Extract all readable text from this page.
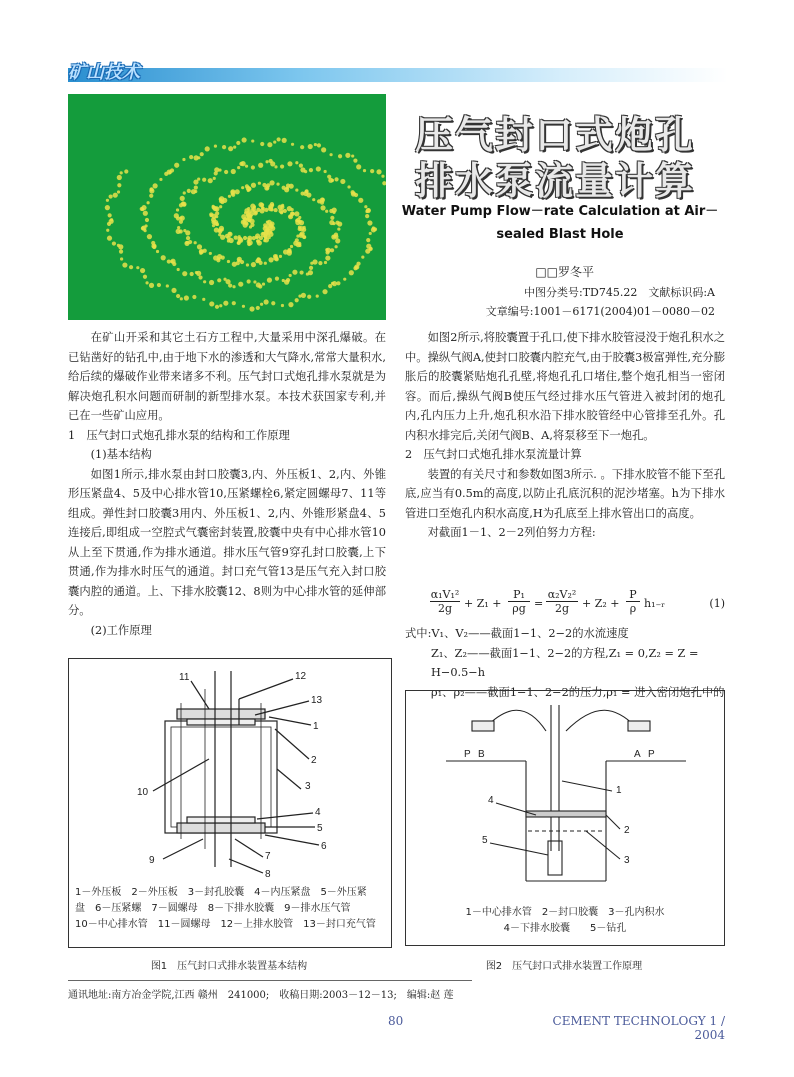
矿山技术
压气封口式炮孔
排水泵流量计算
Water Pump Flow－rate Calculation at Air－
sealed Blast Hole
□□罗冬平
中图分类号:TD745.22　文献标识码:A
文章编号:1001－6171(2004)01－0080－02
在矿山开采和其它土石方工程中,大量采用中深孔爆破。在已钻凿好的钻孔中,由于地下水的渗透和大气降水,常常大量积水,给后续的爆破作业带来诸多不利。压气封口式炮孔排水泵就是为解决炮孔积水问题而研制的新型排水泵。本技术获国家专利,并已在一些矿山应用。
1　压气封口式炮孔排水泵的结构和工作原理
(1)基本结构
如图1所示,排水泵由封口胶囊3,内、外压板1、2,内、外锥形压紧盘4、5及中心排水管10,压紧螺栓6,紧定圆螺母7、11等组成。弹性封口胶囊3用内、外压板1、2,内、外锥形紧盘4、5连接后,即组成一空腔式气囊密封装置,胶囊中央有中心排水管10从上至下贯通,作为排水通道。排水压气管9穿孔封口胶囊,上下贯通,作为排水时压气的通道。封口充气管13是压气充入封口胶囊内腔的通道。上、下排水胶囊12、8则为中心排水管的延伸部分。
(2)工作原理
如图2所示,将胶囊置于孔口,使下排水胶管浸没于炮孔积水之中。操纵气阀A,使封口胶囊内腔充气,由于胶囊3极富弹性,充分膨胀后的胶囊紧贴炮孔孔壁,将炮孔孔口堵住,整个炮孔相当一密闭容。而后,操纵气阀B使压气经过排水压气管进入被封闭的炮孔内,孔内压力上升,炮孔积水沿下排水胶管经中心管排至孔外。孔内积水排完后,关闭气阀B、A,将泵移至下一炮孔。
2　压气封口式炮孔排水泵流量计算
装置的有关尺寸和参数如图3所示. 。下排水胶管不能下至孔底,应当有0.5m的高度,以防止孔底沉积的泥沙堵塞。h为下排水管进口至炮孔内积水高度,H为孔底至上排水管出口的高度。
对截面1－1、2－2列伯努力方程:
$\frac{\text{α₁V₁²}}{2g} + Z_1 + \frac{\text{P₁}}{\rho g} = \frac{\text{α₂V₂²}}{2g} + Z_2 + \frac{P}{\rho}$ h₁₋ᵣ	(1)
式中:V₁、V₂——截面1−1、2−2的水流速度
Z₁、Z₂——截面1−1、2−2的方程,Z₁ = 0,Z₂ = Z = H−0.5−h
ρ₁、ρ₂——截面1−1、2−2的压力,ρ₁ = 进入密闭炮孔中的
11	12
13
1
2
3
4
5
6
7
8
9
10
1－外压板　2－外压板　3－封孔胶囊　4－内压紧盘　5－外压紧
盘　6－压紧螺　7－圆螺母　8－下排水胶囊　9－排水压气管
10－中心排水管　11－圆螺母　12－上排水胶管　13－封口充气管
图1　压气封口式排水装置基本结构
P B	A P
1
2
3
4
5
1－中心排水管　2－封口胶囊　3－孔内积水
4－下排水胶囊　　5－钻孔
图2　压气封口式排水装置工作原理
通讯地址:南方冶金学院,江西 赣州　241000;　收稿日期:2003－12－13;　编辑:赵 莲
80	CEMENT TECHNOLOGY 1 / 2004
